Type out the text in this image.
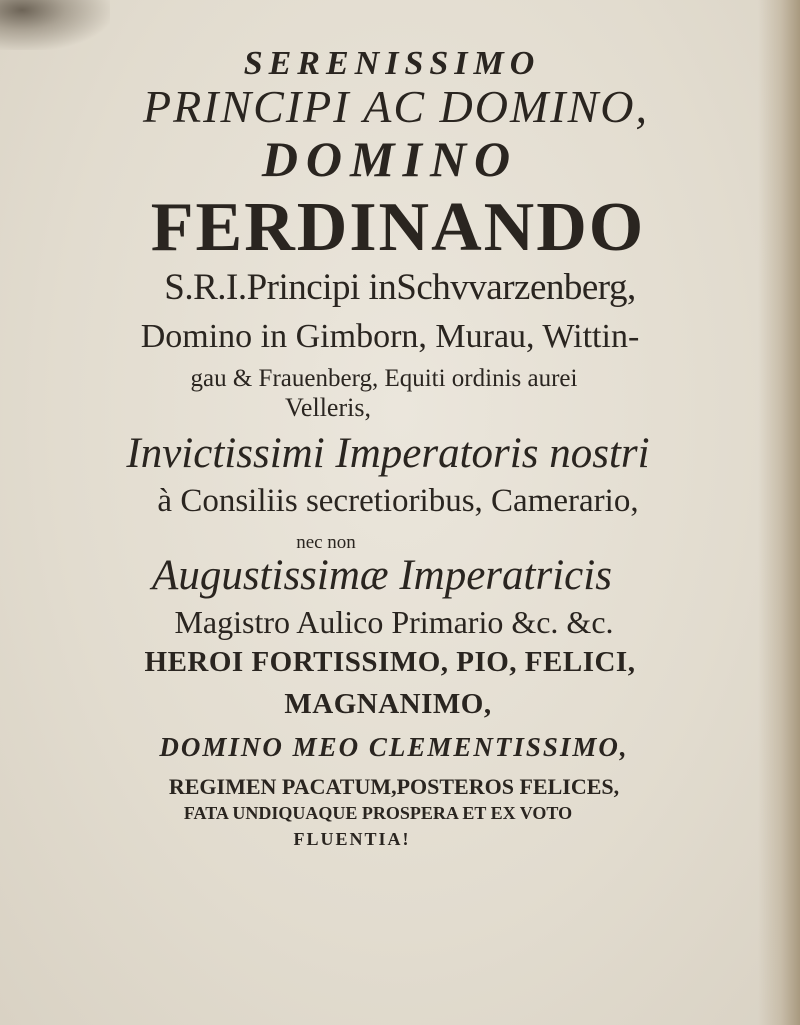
SERENISSIMO
PRINCIPI AC DOMINO,
DOMINO
FERDINANDO
S.R.I.Principi inSchvvarzenberg,
Domino in Gimborn, Murau, Wittin-
gau & Frauenberg, Equiti ordinis aurei
Velleris,
Invictissimi Imperatoris nostri
à Consiliis secretioribus, Camerario,
nec non
Augustissimæ Imperatricis
Magistro Aulico Primario &c. &c.
HEROI FORTISSIMO, PIO, FELICI,
MAGNANIMO,
DOMINO MEO CLEMENTISSIMO,
REGIMEN PACATUM,POSTEROS FELICES,
FATA UNDIQUAQUE PROSPERA ET EX VOTO
FLUENTIA!
